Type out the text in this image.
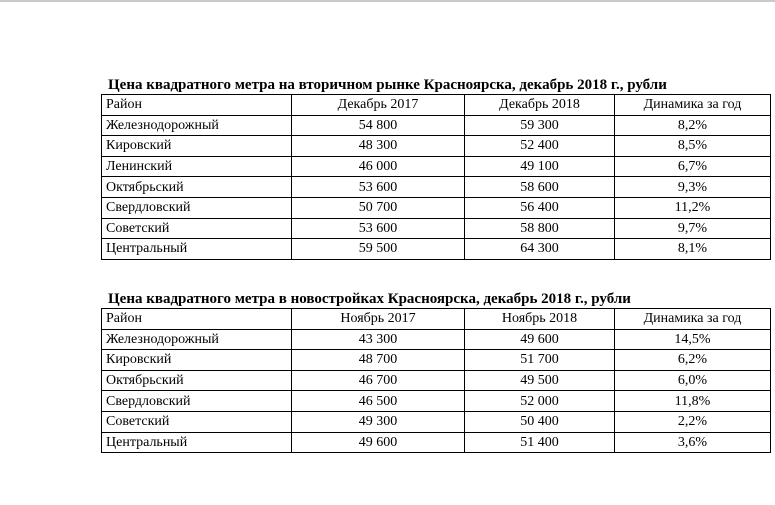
Цена квадратного метра на вторичном рынке Красноярска, декабрь 2018 г., рубли
Район	Декабрь 2017	Декабрь 2018	Динамика за год
Железнодорожный	54 800	59 300	8,2%
Кировский	48 300	52 400	8,5%
Ленинский	46 000	49 100	6,7%
Октябрьский	53 600	58 600	9,3%
Свердловский	50 700	56 400	11,2%
Советский	53 600	58 800	9,7%
Центральный	59 500	64 300	8,1%
Цена квадратного метра в новостройках Красноярска, декабрь 2018 г., рубли
Район	Ноябрь 2017	Ноябрь 2018	Динамика за год
Железнодорожный	43 300	49 600	14,5%
Кировский	48 700	51 700	6,2%
Октябрьский	46 700	49 500	6,0%
Свердловский	46 500	52 000	11,8%
Советский	49 300	50 400	2,2%
Центральный	49 600	51 400	3,6%
